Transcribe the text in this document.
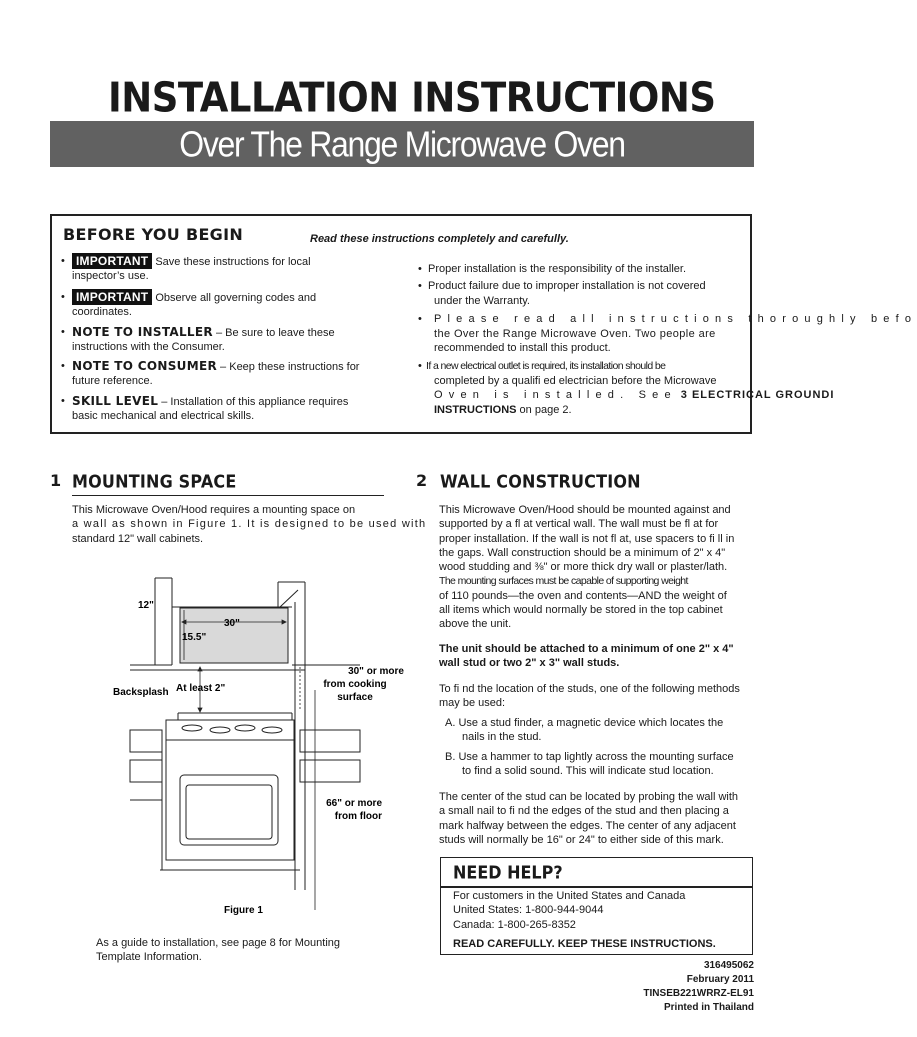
INSTALLATION INSTRUCTIONS
Over The Range Microwave Oven
BEFORE YOU BEGIN	Read these instructions completely and carefully.
• IMPORTANT Save these instructions for local
inspector’s use.
• IMPORTANT Observe all governing codes and
coordinates.
• NOTE TO INSTALLER – Be sure to leave these
instructions with the Consumer.
• NOTE TO CONSUMER – Keep these instructions for
future reference.
• SKILL LEVEL – Installation of this appliance requires
basic mechanical and electrical skills.
• Proper installation is the responsibility of the installer.
• Product failure due to improper installation is not covered
under the Warranty.
• Please read all instructions thoroughly befo
the Over the Range Microwave Oven. Two people are
recommended to install this product.
• If a new electrical outlet is required, its installation should be
completed by a qualifi ed electrician before the Microwave
Oven is installed. See 3 ELECTRICAL GROUNDI
INSTRUCTIONS on page 2.
1 MOUNTING SPACE
This Microwave Oven/Hood requires a mounting space on
a wall as shown in Figure 1. It is designed to be used with
standard 12" wall cabinets.
12"
30"
15.5"
Backsplash At least 2"
30" or more
from cooking
surface
66" or more
from floor
Figure 1
As a guide to installation, see page 8 for Mounting
Template Information.
2 WALL CONSTRUCTION
This Microwave Oven/Hood should be mounted against and
supported by a fl at vertical wall. The wall must be fl at for
proper installation. If the wall is not fl at, use spacers to fi ll in
the gaps. Wall construction should be a minimum of 2" x 4"
wood studding and ⅜" or more thick dry wall or plaster/lath.
The mounting surfaces must be capable of supporting weight
of 110 pounds—the oven and contents—AND the weight of
all items which would normally be stored in the top cabinet
above the unit.
The unit should be attached to a minimum of one 2" x 4"
wall stud or two 2" x 3" wall studs.
To fi nd the location of the studs, one of the following methods
may be used:
A. Use a stud finder, a magnetic device which locates the
nails in the stud.
B. Use a hammer to tap lightly across the mounting surface
to find a solid sound. This will indicate stud location.
The center of the stud can be located by probing the wall with
a small nail to fi nd the edges of the stud and then placing a
mark halfway between the edges. The center of any adjacent
studs will normally be 16" or 24" to either side of this mark.
NEED HELP?
For customers in the United States and Canada
United States: 1-800-944-9044
Canada: 1-800-265-8352
READ CAREFULLY. KEEP THESE INSTRUCTIONS.
316495062
February 2011
TINSEB221WRRZ-EL91
Printed in Thailand
